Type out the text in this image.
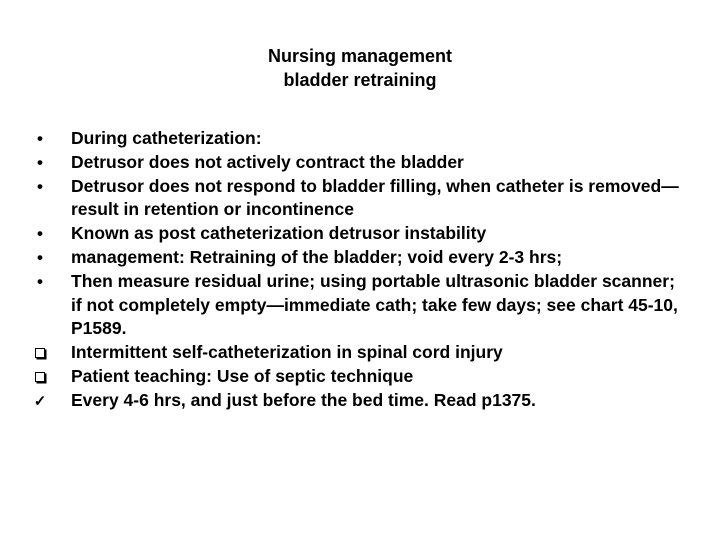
Nursing management
bladder retraining
•
During catheterization:
•
Detrusor does not actively contract the bladder
•
Detrusor does not respond to bladder filling, when catheter is removed—result in retention or incontinence
•
Known as post catheterization detrusor instability
•
management: Retraining of the bladder; void every 2-3 hrs;
•
Then measure residual urine; using portable ultrasonic bladder scanner; if not completely empty—immediate cath; take few days; see chart 45-10, P1589.
Intermittent self-catheterization in spinal cord injury
Patient teaching: Use of septic technique
✓
Every 4-6 hrs, and just before the bed time. Read p1375.
